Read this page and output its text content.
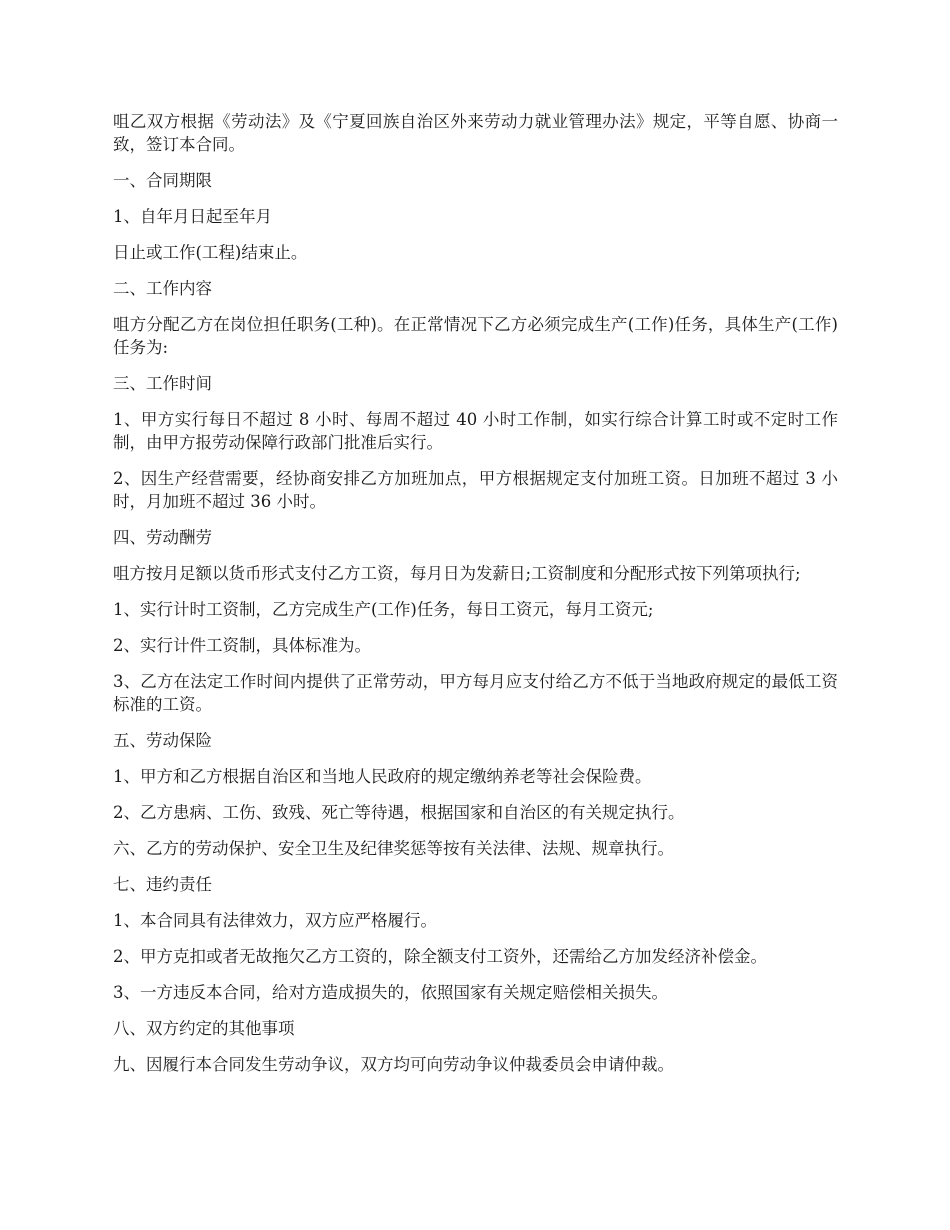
咀乙双方根据《劳动法》及《宁夏回族自治区外来劳动力就业管理办法》规定，平等自愿、协商一致，签订本合同。

一、合同期限

1、自年月日起至年月

日止或工作(工程)结束止。

二、工作内容

咀方分配乙方在岗位担任职务(工种)。在正常情况下乙方必须完成生产(工作)任务，具体生产(工作)任务为:

三、工作时间

1、甲方实行每日不超过 8 小时、每周不超过 40 小时工作制，如实行综合计算工时或不定时工作制，由甲方报劳动保障行政部门批准后实行。

2、因生产经营需要，经协商安排乙方加班加点，甲方根据规定支付加班工资。日加班不超过 3 小时，月加班不超过 36 小时。

四、劳动酬劳

咀方按月足额以货币形式支付乙方工资，每月日为发薪日;工资制度和分配形式按下列第项执行;

1、实行计时工资制，乙方完成生产(工作)任务，每日工资元，每月工资元;

2、实行计件工资制，具体标准为。

3、乙方在法定工作时间内提供了正常劳动，甲方每月应支付给乙方不低于当地政府规定的最低工资标准的工资。

五、劳动保险

1、甲方和乙方根据自治区和当地人民政府的规定缴纳养老等社会保险费。

2、乙方患病、工伤、致残、死亡等待遇，根据国家和自治区的有关规定执行。

六、乙方的劳动保护、安全卫生及纪律奖惩等按有关法律、法规、规章执行。

七、违约责任

1、本合同具有法律效力，双方应严格履行。

2、甲方克扣或者无故拖欠乙方工资的，除全额支付工资外，还需给乙方加发经济补偿金。

3、一方违反本合同，给对方造成损失的，依照国家有关规定赔偿相关损失。

八、双方约定的其他事项

九、因履行本合同发生劳动争议，双方均可向劳动争议仲裁委员会申请仲裁。
